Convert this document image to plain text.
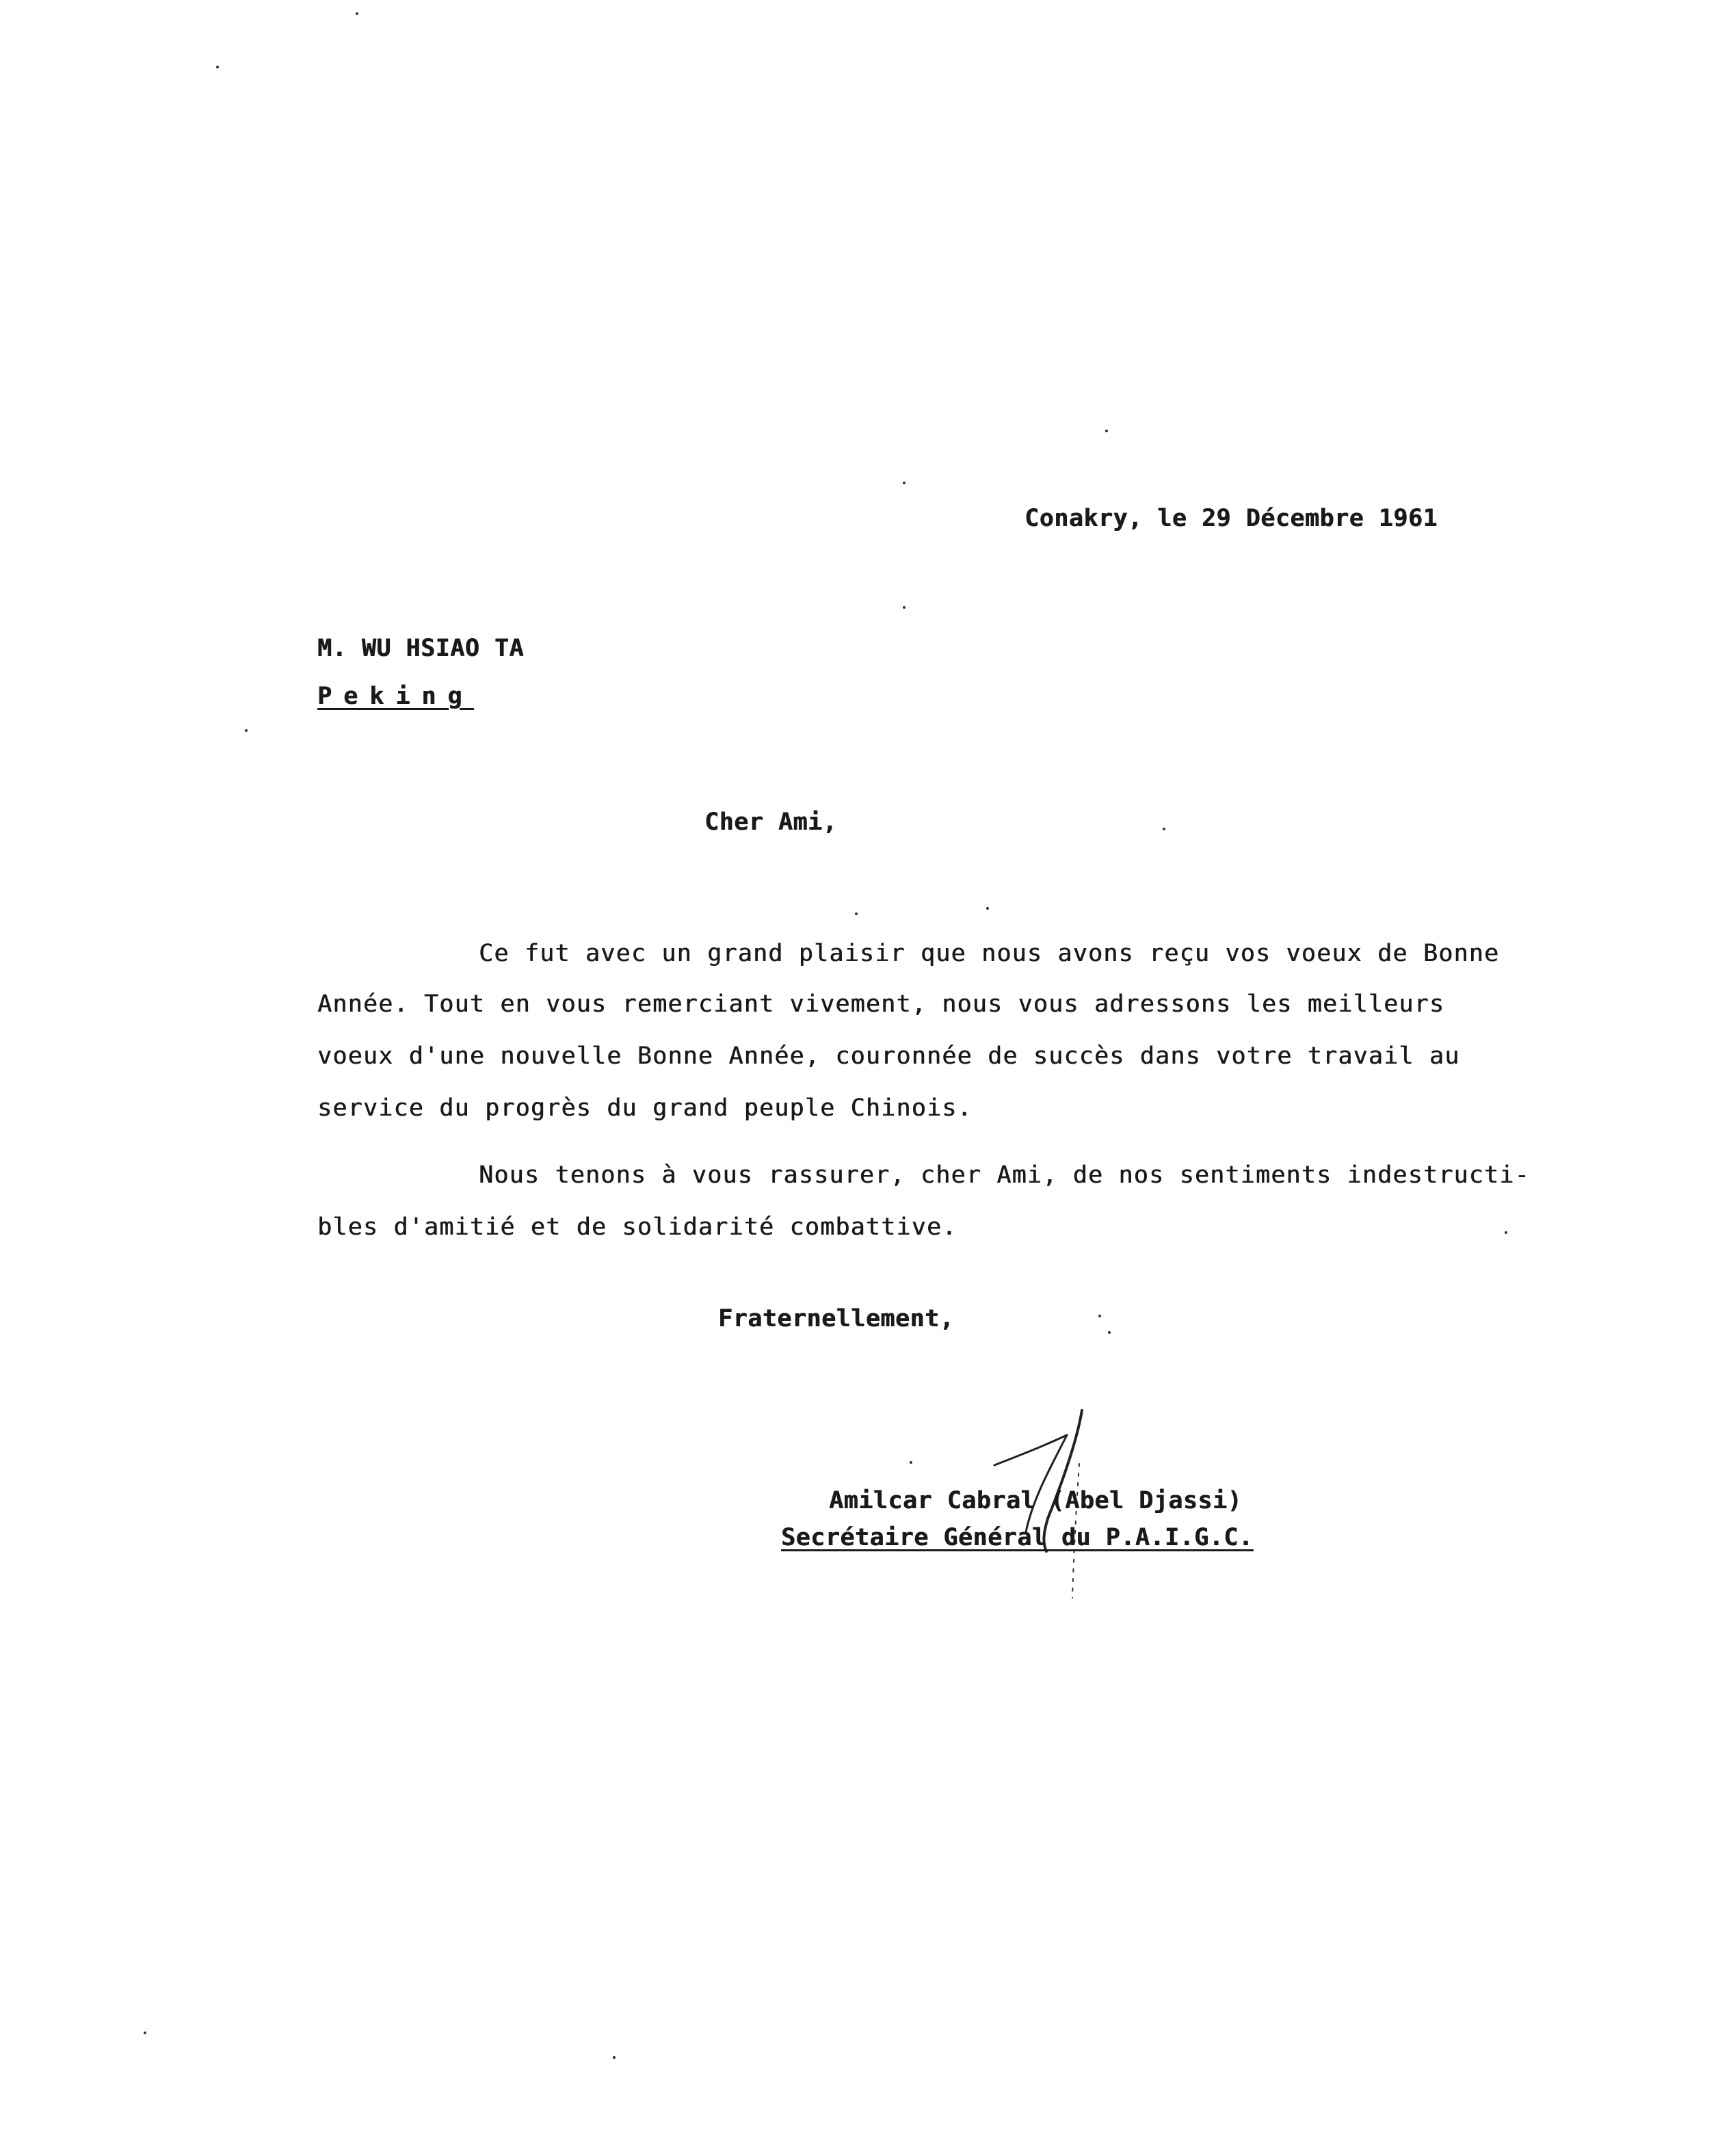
Conakry, le 29 Décembre 1961
M. WU HSIAO TA
Peking
Cher Ami,
Ce fut avec un grand plaisir que nous avons reçu vos voeux de Bonne
Année. Tout en vous remerciant vivement, nous vous adressons les meilleurs
voeux d'une nouvelle Bonne Année, couronnée de succès dans votre travail au
service du progrès du grand peuple Chinois.
Nous tenons à vous rassurer, cher Ami, de nos sentiments indestructi-
bles d'amitié et de solidarité combattive.
Fraternellement,
Amilcar Cabral (Abel Djassi)
Secrétaire Général du P.A.I.G.C.
